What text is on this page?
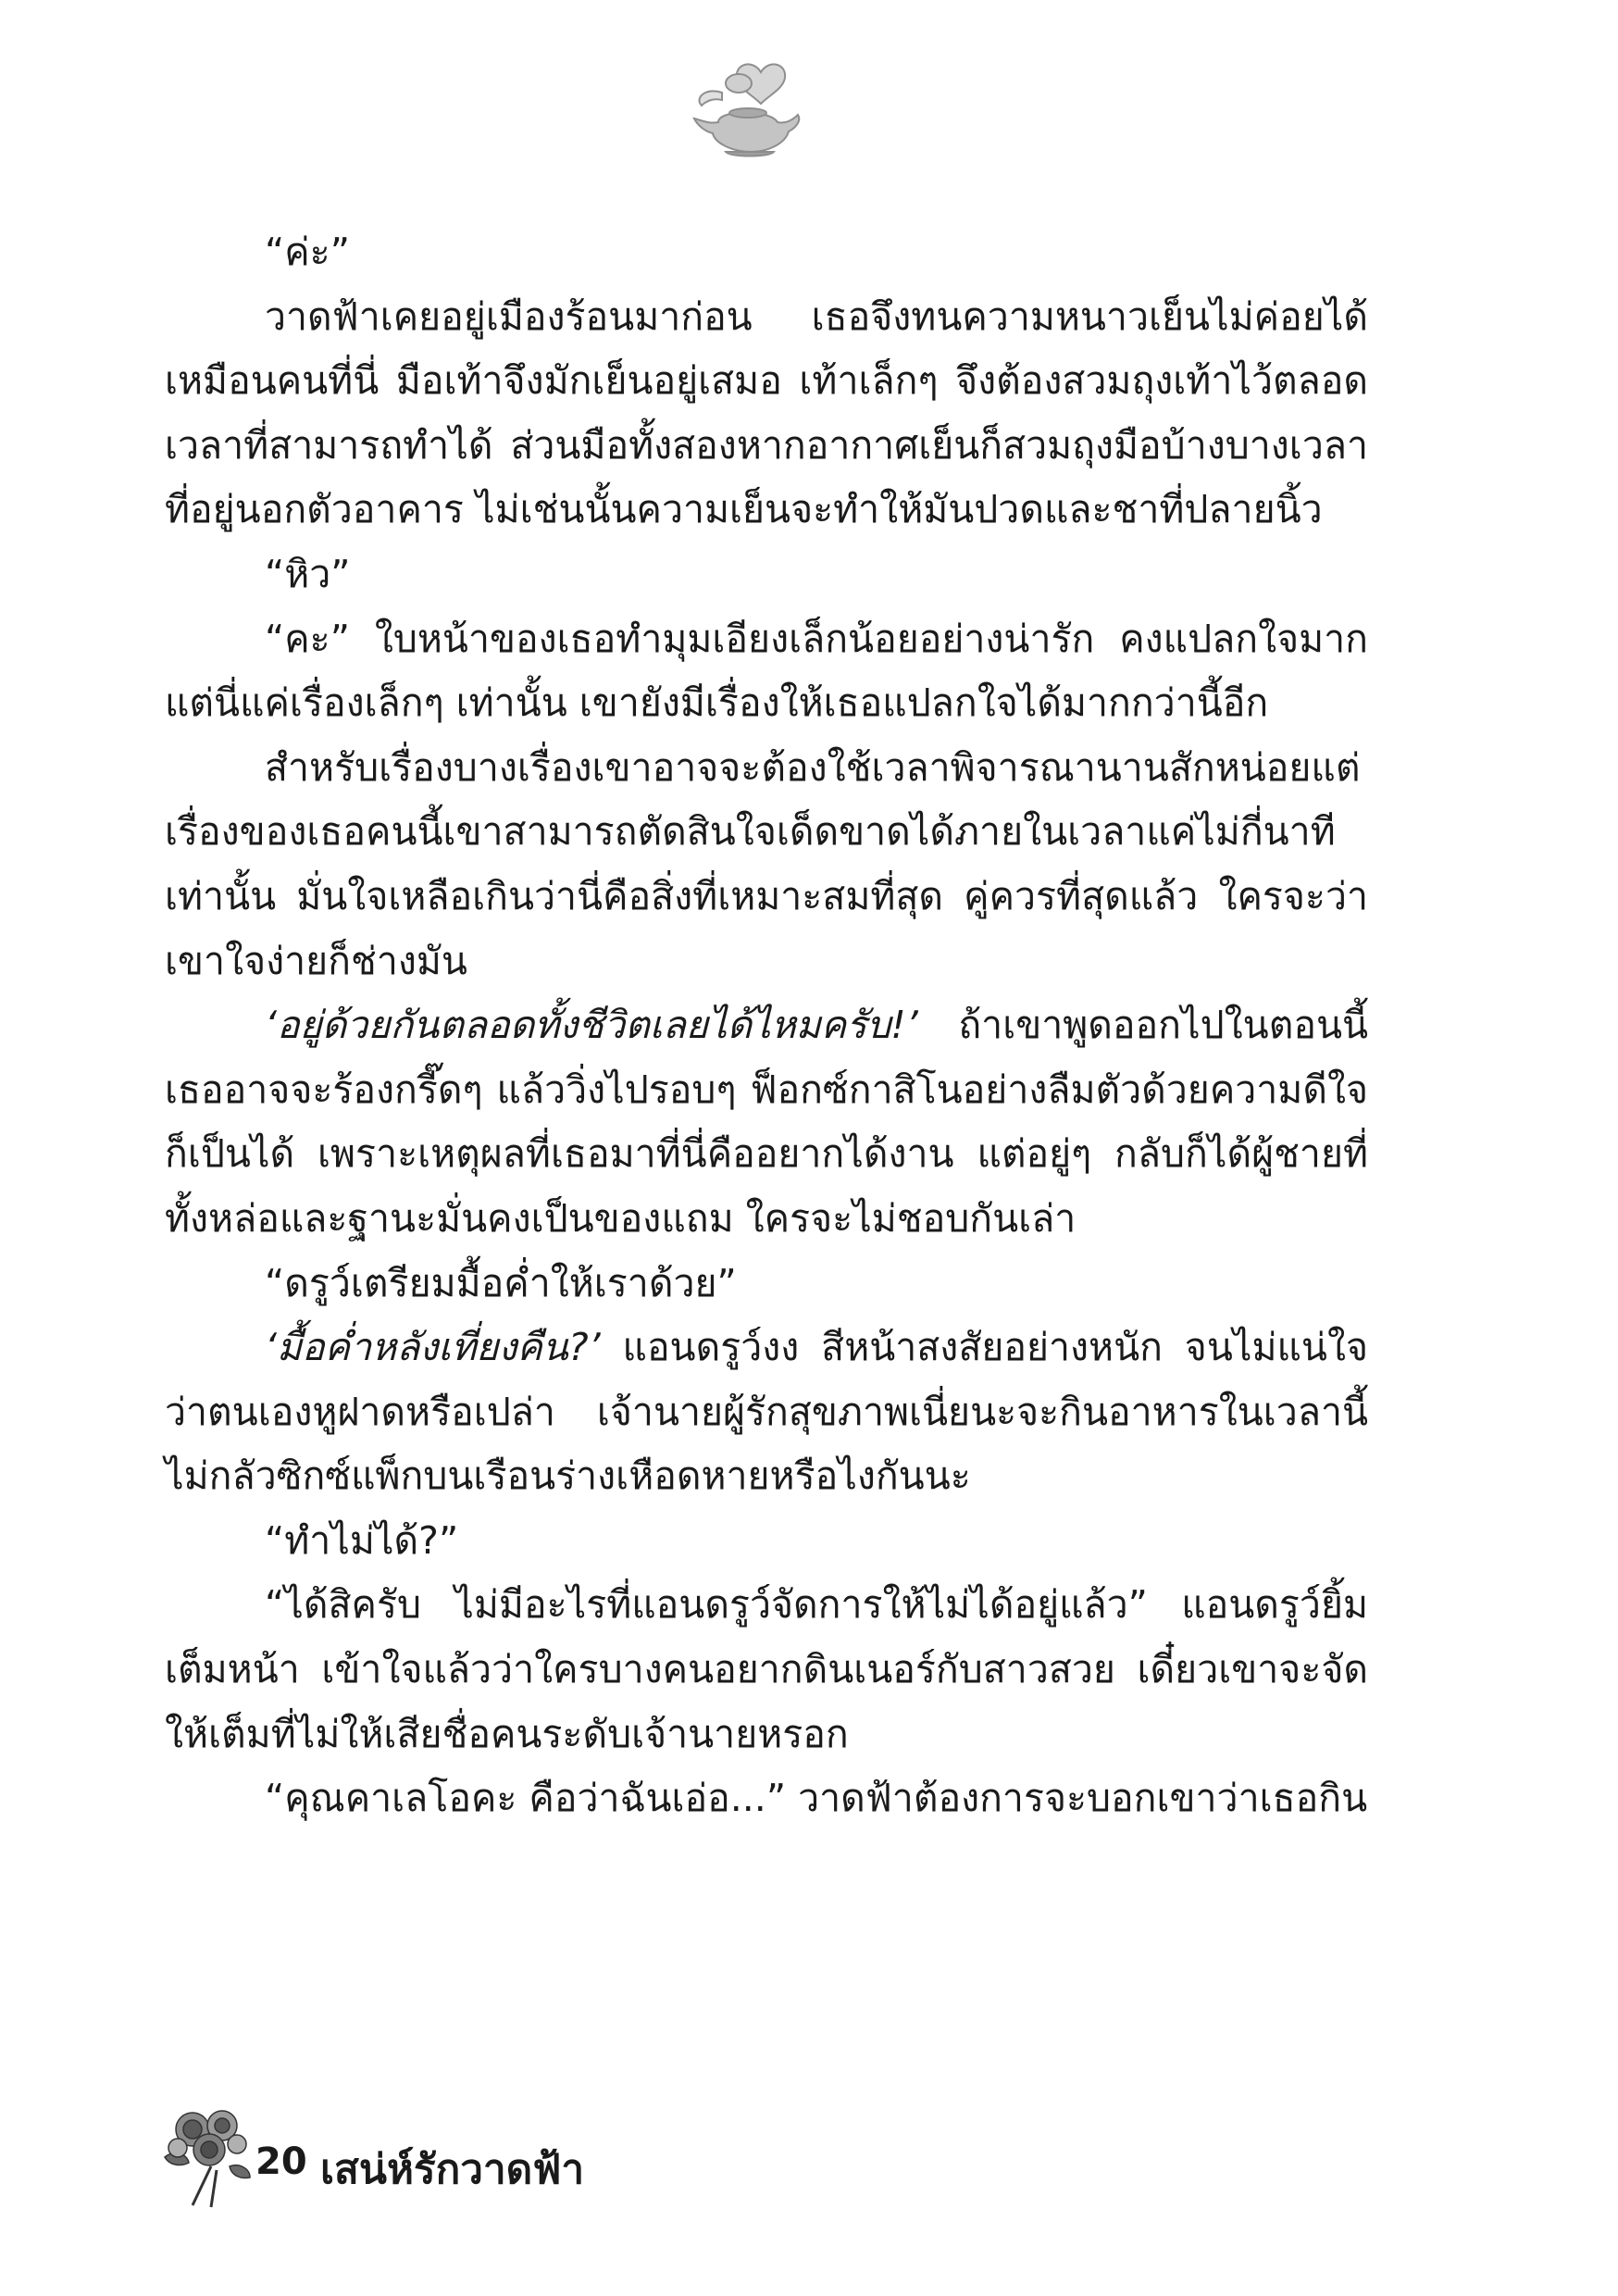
“ค่ะ”

วาดฟ้าเคยอยู่เมืองร้อนมาก่อน เธอจึงทนความหนาวเย็นไม่ค่อยได้เหมือนคนที่นี่ มือเท้าจึงมักเย็นอยู่เสมอ เท้าเล็กๆ จึงต้องสวมถุงเท้าไว้ตลอดเวลาที่สามารถทำได้ ส่วนมือทั้งสองหากอากาศเย็นก็สวมถุงมือบ้างบางเวลาที่อยู่นอกตัวอาคาร ไม่เช่นนั้นความเย็นจะทำให้มันปวดและชาที่ปลายนิ้ว

“หิว”

“คะ” ใบหน้าของเธอทำมุมเอียงเล็กน้อยอย่างน่ารัก คงแปลกใจมากแต่นี่แค่เรื่องเล็กๆ เท่านั้น เขายังมีเรื่องให้เธอแปลกใจได้มากกว่านี้อีก

สำหรับเรื่องบางเรื่องเขาอาจจะต้องใช้เวลาพิจารณานานสักหน่อยแต่เรื่องของเธอคนนี้เขาสามารถตัดสินใจเด็ดขาดได้ภายในเวลาแค่ไม่กี่นาทีเท่านั้น มั่นใจเหลือเกินว่านี่คือสิ่งที่เหมาะสมที่สุด คู่ควรที่สุดแล้ว ใครจะว่าเขาใจง่ายก็ช่างมัน

‘อยู่ด้วยกันตลอดทั้งชีวิตเลยได้ไหมครับ!’ ถ้าเขาพูดออกไปในตอนนี้เธออาจจะร้องกรี๊ดๆ แล้ววิ่งไปรอบๆ ฟ็อกซ์กาสิโนอย่างลืมตัวด้วยความดีใจก็เป็นได้ เพราะเหตุผลที่เธอมาที่นี่คืออยากได้งาน แต่อยู่ๆ กลับก็ได้ผู้ชายที่ทั้งหล่อและฐานะมั่นคงเป็นของแถม ใครจะไม่ชอบกันเล่า

“ดรูว์เตรียมมื้อค่ำให้เราด้วย”

‘มื้อค่ำหลังเที่ยงคืน?’ แอนดรูว์งง สีหน้าสงสัยอย่างหนัก จนไม่แน่ใจว่าตนเองหูฝาดหรือเปล่า เจ้านายผู้รักสุขภาพเนี่ยนะจะกินอาหารในเวลานี้ ไม่กลัวซิกซ์แพ็กบนเรือนร่างเหือดหายหรือไงกันนะ

“ทำไม่ได้?”

“ได้สิครับ ไม่มีอะไรที่แอนดรูว์จัดการให้ไม่ได้อยู่แล้ว” แอนดรูว์ยิ้มเต็มหน้า เข้าใจแล้วว่าใครบางคนอยากดินเนอร์กับสาวสวย เดี๋ยวเขาจะจัดให้เต็มที่ไม่ให้เสียชื่อคนระดับเจ้านายหรอก

“คุณคาเลโอคะ คือว่าฉันเอ่อ...” วาดฟ้าต้องการจะบอกเขาว่าเธอกิน

20 เสน่ห์รักวาดฟ้า
